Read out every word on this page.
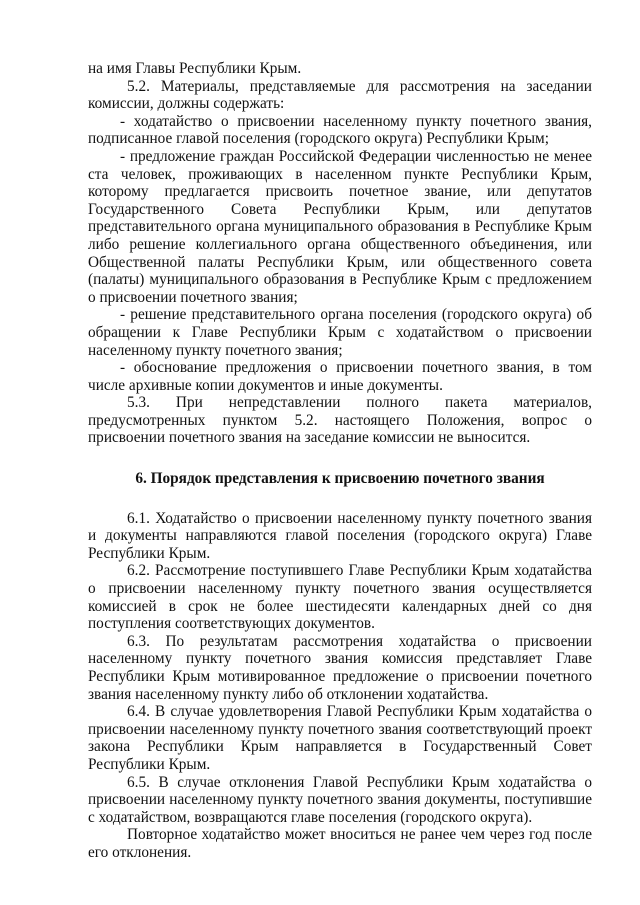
на имя Главы Республики Крым.

5.2. Материалы, представляемые для рассмотрения на заседании комиссии, должны содержать:

- ходатайство о присвоении населенному пункту почетного звания, подписанное главой поселения (городского округа) Республики Крым;

- предложение граждан Российской Федерации численностью не менее ста человек, проживающих в населенном пункте Республики Крым, которому предлагается присвоить почетное звание, или депутатов Государственного Совета Республики Крым, или депутатов представительного органа муниципального образования в Республике Крым либо решение коллегиального органа общественного объединения, или Общественной палаты Республики Крым, или общественного совета (палаты) муниципального образования в Республике Крым с предложением о присвоении почетного звания;

- решение представительного органа поселения (городского округа) об обращении к Главе Республики Крым с ходатайством о присвоении населенному пункту почетного звания;

- обоснование предложения о присвоении почетного звания, в том числе архивные копии документов и иные документы.

5.3. При непредставлении полного пакета материалов, предусмотренных пунктом 5.2. настоящего Положения, вопрос о присвоении почетного звания на заседание комиссии не выносится.

6. Порядок представления к присвоению почетного звания

6.1. Ходатайство о присвоении населенному пункту почетного звания и документы направляются главой поселения (городского округа) Главе Республики Крым.

6.2. Рассмотрение поступившего Главе Республики Крым ходатайства о присвоении населенному пункту почетного звания осуществляется комиссией в срок не более шестидесяти календарных дней со дня поступления соответствующих документов.

6.3. По результатам рассмотрения ходатайства о присвоении населенному пункту почетного звания комиссия представляет Главе Республики Крым мотивированное предложение о присвоении почетного звания населенному пункту либо об отклонении ходатайства.

6.4. В случае удовлетворения Главой Республики Крым ходатайства о присвоении населенному пункту почетного звания соответствующий проект закона Республики Крым направляется в Государственный Совет Республики Крым.

6.5. В случае отклонения Главой Республики Крым ходатайства о присвоении населенному пункту почетного звания документы, поступившие с ходатайством, возвращаются главе поселения (городского округа).

Повторное ходатайство может вноситься не ранее чем через год после его отклонения.
